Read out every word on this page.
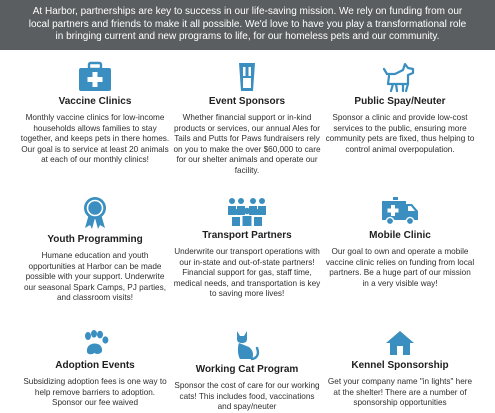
At Harbor, partnerships are key to success in our life-saving mission. We rely on funding from our local partners and friends to make it all possible. We'd love to have you play a transformational role in bringing current and new programs to life, for our homeless pets and our community.
Vaccine Clinics

Monthly vaccine clinics for low-income households allows families to stay together, and keeps pets in there homes. Our goal is to service at least 20 animals at each of our monthly clinics!

Event Sponsors

Whether financial support or in-kind products or services, our annual Ales for Tails and Putts for Paws fundraisers rely on you to make the over $60,000 to care for our shelter animals and operate our facility.

Public Spay/Neuter

Sponsor a clinic and provide low-cost services to the public, ensuring more community pets are fixed, thus helping to control animal overpopulation.

Youth Programming

Humane education and youth opportunities at Harbor can be made possible with your support. Underwrite our seasonal Spark Camps, PJ parties, and classroom visits!

Transport Partners

Underwrite our transport operations with our in-state and out-of-state partners! Financial support for gas, staff time, medical needs, and transportation is key to saving more lives!

Mobile Clinic

Our goal to own and operate a mobile vaccine clinic relies on funding from local partners. Be a huge part of our mission in a very visible way!

Adoption Events

Subsidizing adoption fees is one way to help remove barriers to adoption. Sponsor our fee waived

Working Cat Program

Sponsor the cost of care for our working cats! This includes food, vaccinations and spay/neuter

Kennel Sponsorship

Get your company name "in lights" here at the shelter! There are a number of sponsorship opportunities
